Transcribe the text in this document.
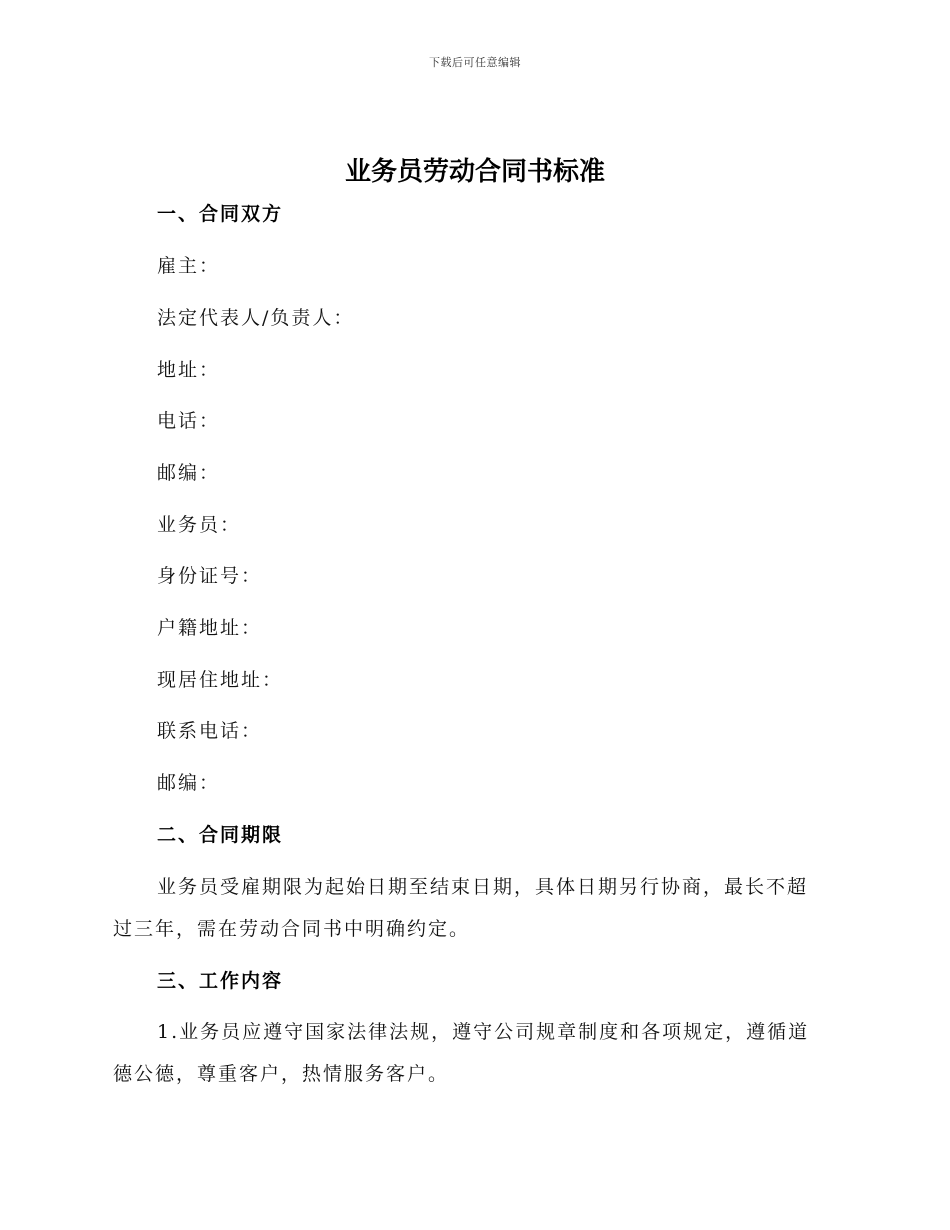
下载后可任意编辑
业务员劳动合同书标准
一、合同双方
雇主：
法定代表人/负责人：
地址：
电话：
邮编：
业务员：
身份证号：
户籍地址：
现居住地址：
联系电话：
邮编：
二、合同期限
业务员受雇期限为起始日期至结束日期，具体日期另行协商，最长不超
过三年，需在劳动合同书中明确约定。
三、工作内容
1.业务员应遵守国家法律法规，遵守公司规章制度和各项规定，遵循道
德公德，尊重客户，热情服务客户。
